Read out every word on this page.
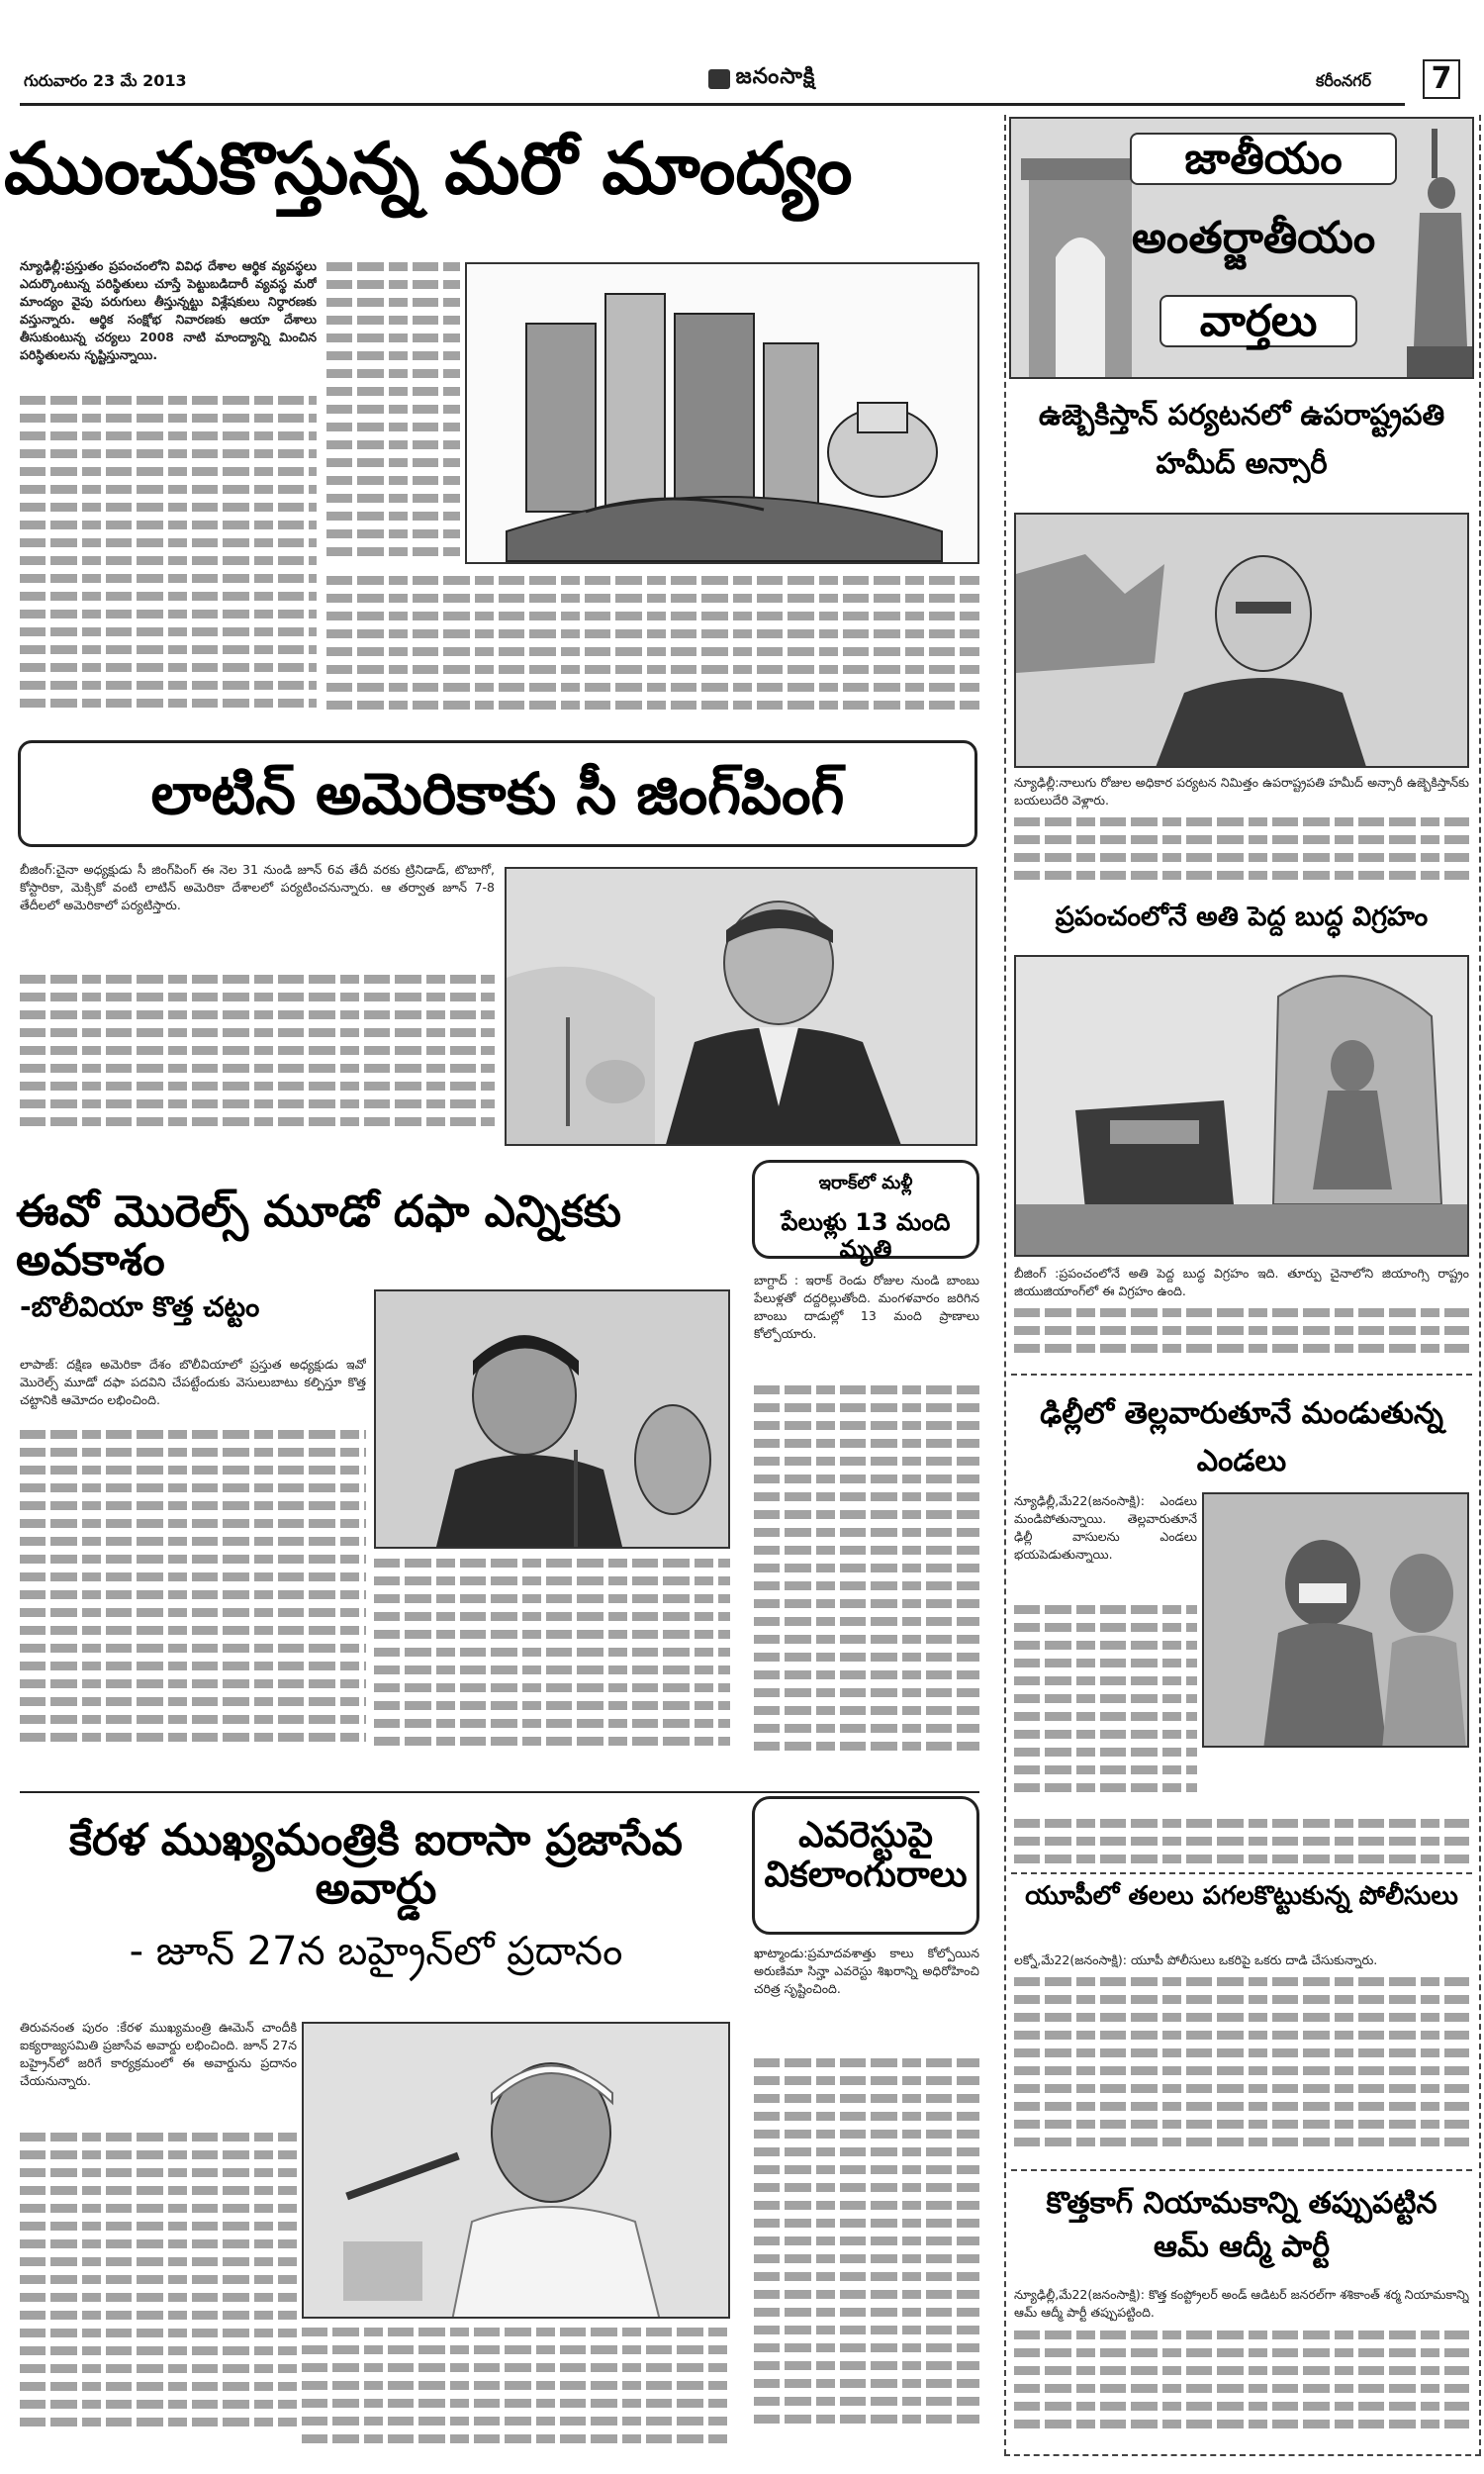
గురువారం 23 మే 2013	జనంసాక్షి	కరీంనగర్ 7
ముంచుకొస్తున్న మరో మాంద్యం
న్యూఢిల్లీ:ప్రస్తుతం ప్రపంచంలోని వివిధ దేశాల ఆర్థిక వ్యవస్థలు ఎదుర్కొంటున్న పరిస్థితులు చూస్తే పెట్టుబడిదారీ వ్యవస్థ మరో మాంద్యం వైపు పరుగులు తీస్తున్నట్టు విశ్లేషకులు నిర్ధారణకు వస్తున్నారు. ఆర్థిక సంక్షోభ నివారణకు ఆయా దేశాలు తీసుకుంటున్న చర్యలు 2008 నాటి మాంద్యాన్ని మించిన పరిస్థితులను సృష్టిస్తున్నాయి.
లాటిన్ అమెరికాకు సీ జింగ్‌పింగ్
బీజింగ్:చైనా అధ్యక్షుడు సీ జింగ్‌పింగ్ ఈ నెల 31 నుండి జూన్ 6వ తేదీ వరకు ట్రినిడాడ్, టొబాగో, కోస్టారికా, మెక్సికో వంటి లాటిన్ అమెరికా దేశాలలో పర్యటించనున్నారు. ఆ తర్వాత జూన్ 7-8 తేదీలలో అమెరికాలో పర్యటిస్తారు.
ఈవో మొరెల్స్ మూడో దఫా ఎన్నికకు అవకాశం
-బొలీవియా కొత్త చట్టం
లాపాజ్: దక్షిణ అమెరికా దేశం బొలీవియాలో ప్రస్తుత అధ్యక్షుడు ఇవో మొరెల్స్ మూడో దఫా పదవిని చేపట్టేందుకు వెసులుబాటు కల్పిస్తూ కొత్త చట్టానికి ఆమోదం లభించింది.
ఇరాక్‌లో మళ్లీ
పేలుళ్లు 13 మంది మృతి
బాగ్దాద్ : ఇరాక్ రెండు రోజుల నుండి బాంబు పేలుళ్లతో దద్దరిల్లుతోంది. మంగళవారం జరిగిన బాంబు దాడుల్లో 13 మంది ప్రాణాలు కోల్పోయారు.
కేరళ ముఖ్యమంత్రికి ఐరాసా ప్రజాసేవ అవార్డు
- జూన్ 27న బహ్రైన్‌లో ప్రదానం
తిరువనంత పురం :కేరళ ముఖ్యమంత్రి ఊమెన్ చాందీకి ఐక్యరాజ్యసమితి ప్రజాసేవ అవార్డు లభించింది. జూన్ 27న బహ్రైన్‌లో జరిగే కార్యక్రమంలో ఈ అవార్డును ప్రదానం చేయనున్నారు.
ఎవరెస్టుపై వికలాంగురాలు
ఖాట్మాండు:ప్రమాదవశాత్తు కాలు కోల్పోయిన అరుణిమా సిన్హా ఎవరెస్టు శిఖరాన్ని అధిరోహించి చరిత్ర సృష్టించింది.
జాతీయం
అంతర్జాతీయం
వార్తలు
ఉజ్బెకిస్తాన్ పర్యటనలో ఉపరాష్ట్రపతి హమీద్ అన్సారీ
న్యూఢిల్లీ:నాలుగు రోజుల అధికార పర్యటన నిమిత్తం ఉపరాష్ట్రపతి హమీద్ అన్సారీ ఉజ్బెకిస్తాన్‌కు బయలుదేరి వెళ్లారు.
ప్రపంచంలోనే అతి పెద్ద బుద్ధ విగ్రహం
బీజింగ్ :ప్రపంచంలోనే అతి పెద్ద బుద్ధ విగ్రహం ఇది. తూర్పు చైనాలోని జియాంగ్సి రాష్ట్రం జియుజియాంగ్‌లో ఈ విగ్రహం ఉంది.
ఢిల్లీలో తెల్లవారుతూనే మండుతున్న ఎండలు
న్యూఢిల్లీ,మే22(జనంసాక్షి): ఎండలు మండిపోతున్నాయి. తెల్లవారుతూనే ఢిల్లీ వాసులను ఎండలు భయపెడుతున్నాయి.
యూపీలో తలలు పగలకొట్టుకున్న పోలీసులు
లక్నో,మే22(జనంసాక్షి): యూపీ పోలీసులు ఒకరిపై ఒకరు దాడి చేసుకున్నారు.
కొత్తకాగ్ నియామకాన్ని తప్పుపట్టిన ఆమ్ ఆద్మీ పార్టీ
న్యూఢిల్లీ,మే22(జనంసాక్షి): కొత్త కంప్ట్రోలర్ అండ్ ఆడిటర్ జనరల్‌గా శశికాంత్ శర్మ నియామకాన్ని ఆమ్ ఆద్మీ పార్టీ తప్పుపట్టింది.
